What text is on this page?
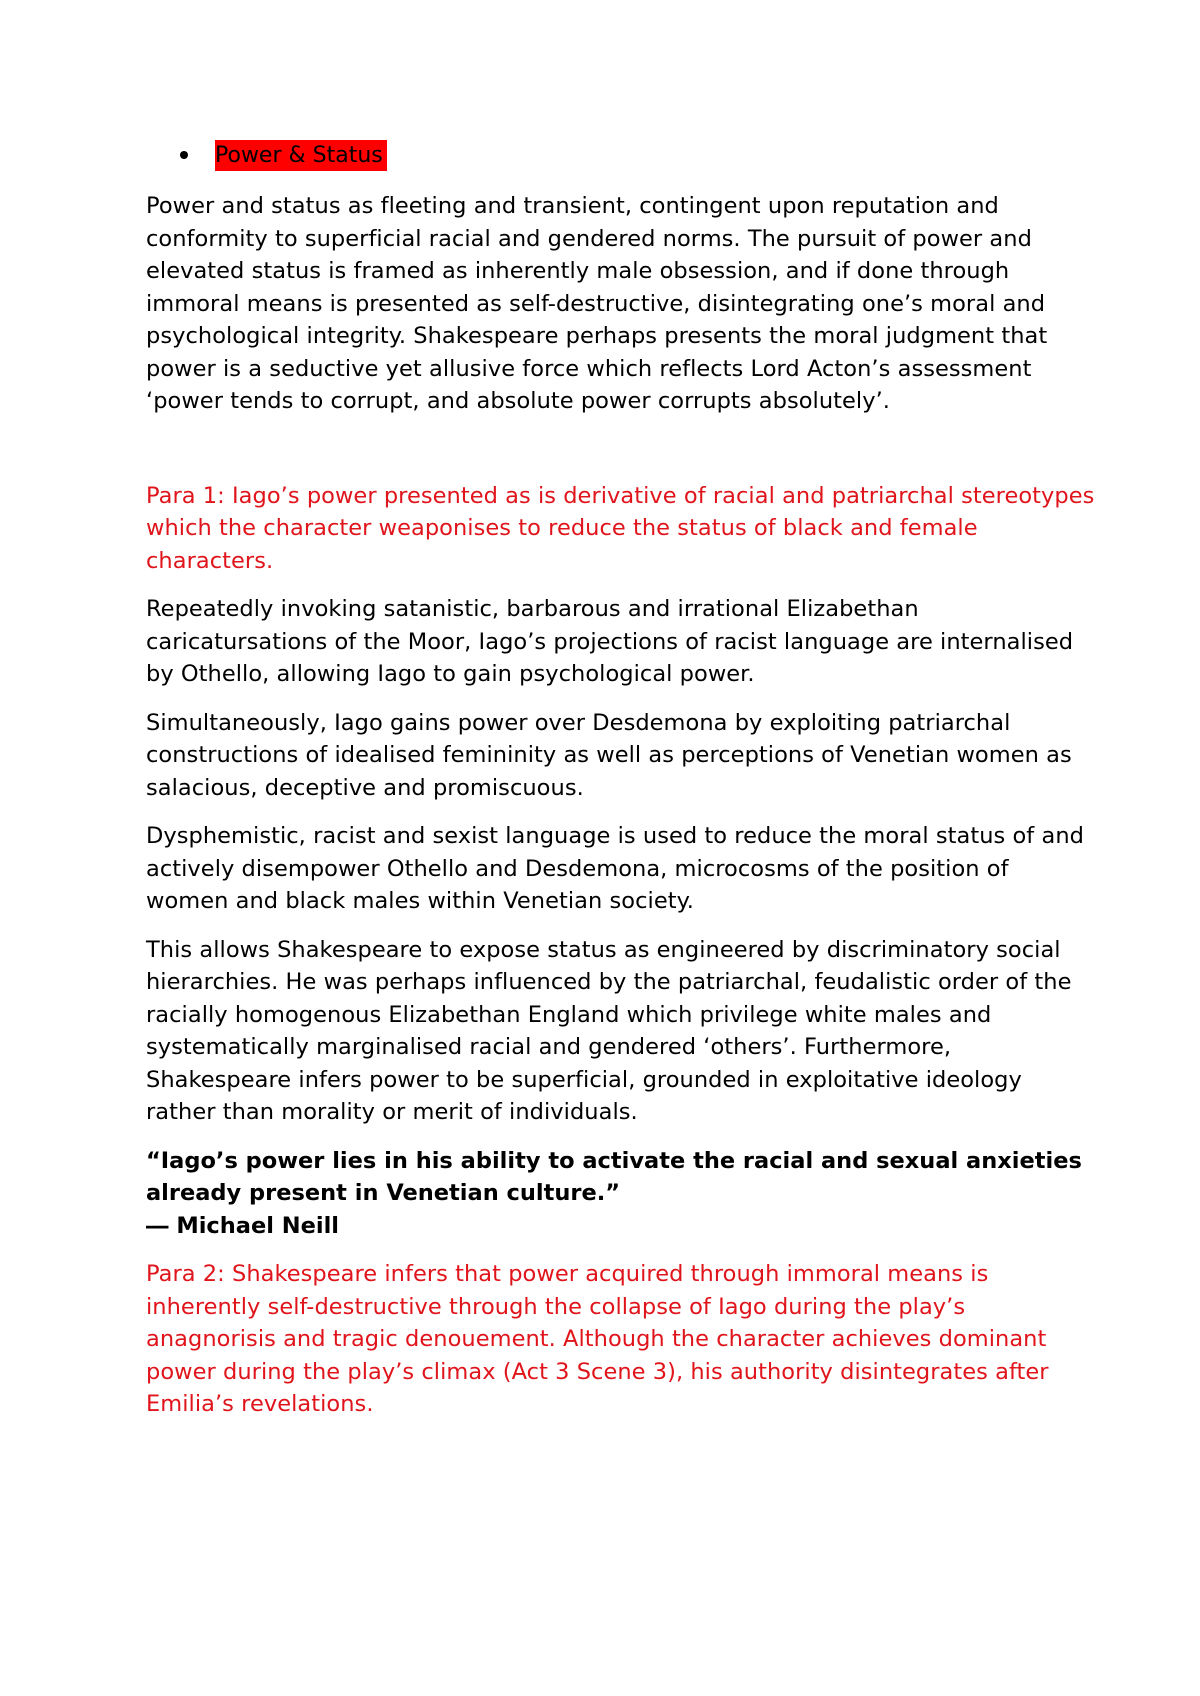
Power & Status

Power and status as fleeting and transient, contingent upon reputation and conformity to superficial racial and gendered norms. The pursuit of power and elevated status is framed as inherently male obsession, and if done through immoral means is presented as self-destructive, disintegrating one’s moral and psychological integrity. Shakespeare perhaps presents the moral judgment that power is a seductive yet allusive force which reflects Lord Acton’s assessment ‘power tends to corrupt, and absolute power corrupts absolutely’.

Para 1: Iago’s power presented as is derivative of racial and patriarchal stereotypes which the character weaponises to reduce the status of black and female characters.

Repeatedly invoking satanistic, barbarous and irrational Elizabethan caricatursations of the Moor, Iago’s projections of racist language are internalised by Othello, allowing Iago to gain psychological power.

Simultaneously, Iago gains power over Desdemona by exploiting patriarchal constructions of idealised femininity as well as perceptions of Venetian women as salacious, deceptive and promiscuous.

Dysphemistic, racist and sexist language is used to reduce the moral status of and actively disempower Othello and Desdemona, microcosms of the position of women and black males within Venetian society.

This allows Shakespeare to expose status as engineered by discriminatory social hierarchies. He was perhaps influenced by the patriarchal, feudalistic order of the racially homogenous Elizabethan England which privilege white males and systematically marginalised racial and gendered ‘others’. Furthermore, Shakespeare infers power to be superficial, grounded in exploitative ideology rather than morality or merit of individuals.

“Iago’s power lies in his ability to activate the racial and sexual anxieties already present in Venetian culture.”
― Michael Neill

Para 2: Shakespeare infers that power acquired through immoral means is inherently self-destructive through the collapse of Iago during the play’s anagnorisis and tragic denouement. Although the character achieves dominant power during the play’s climax (Act 3 Scene 3), his authority disintegrates after Emilia’s revelations.
